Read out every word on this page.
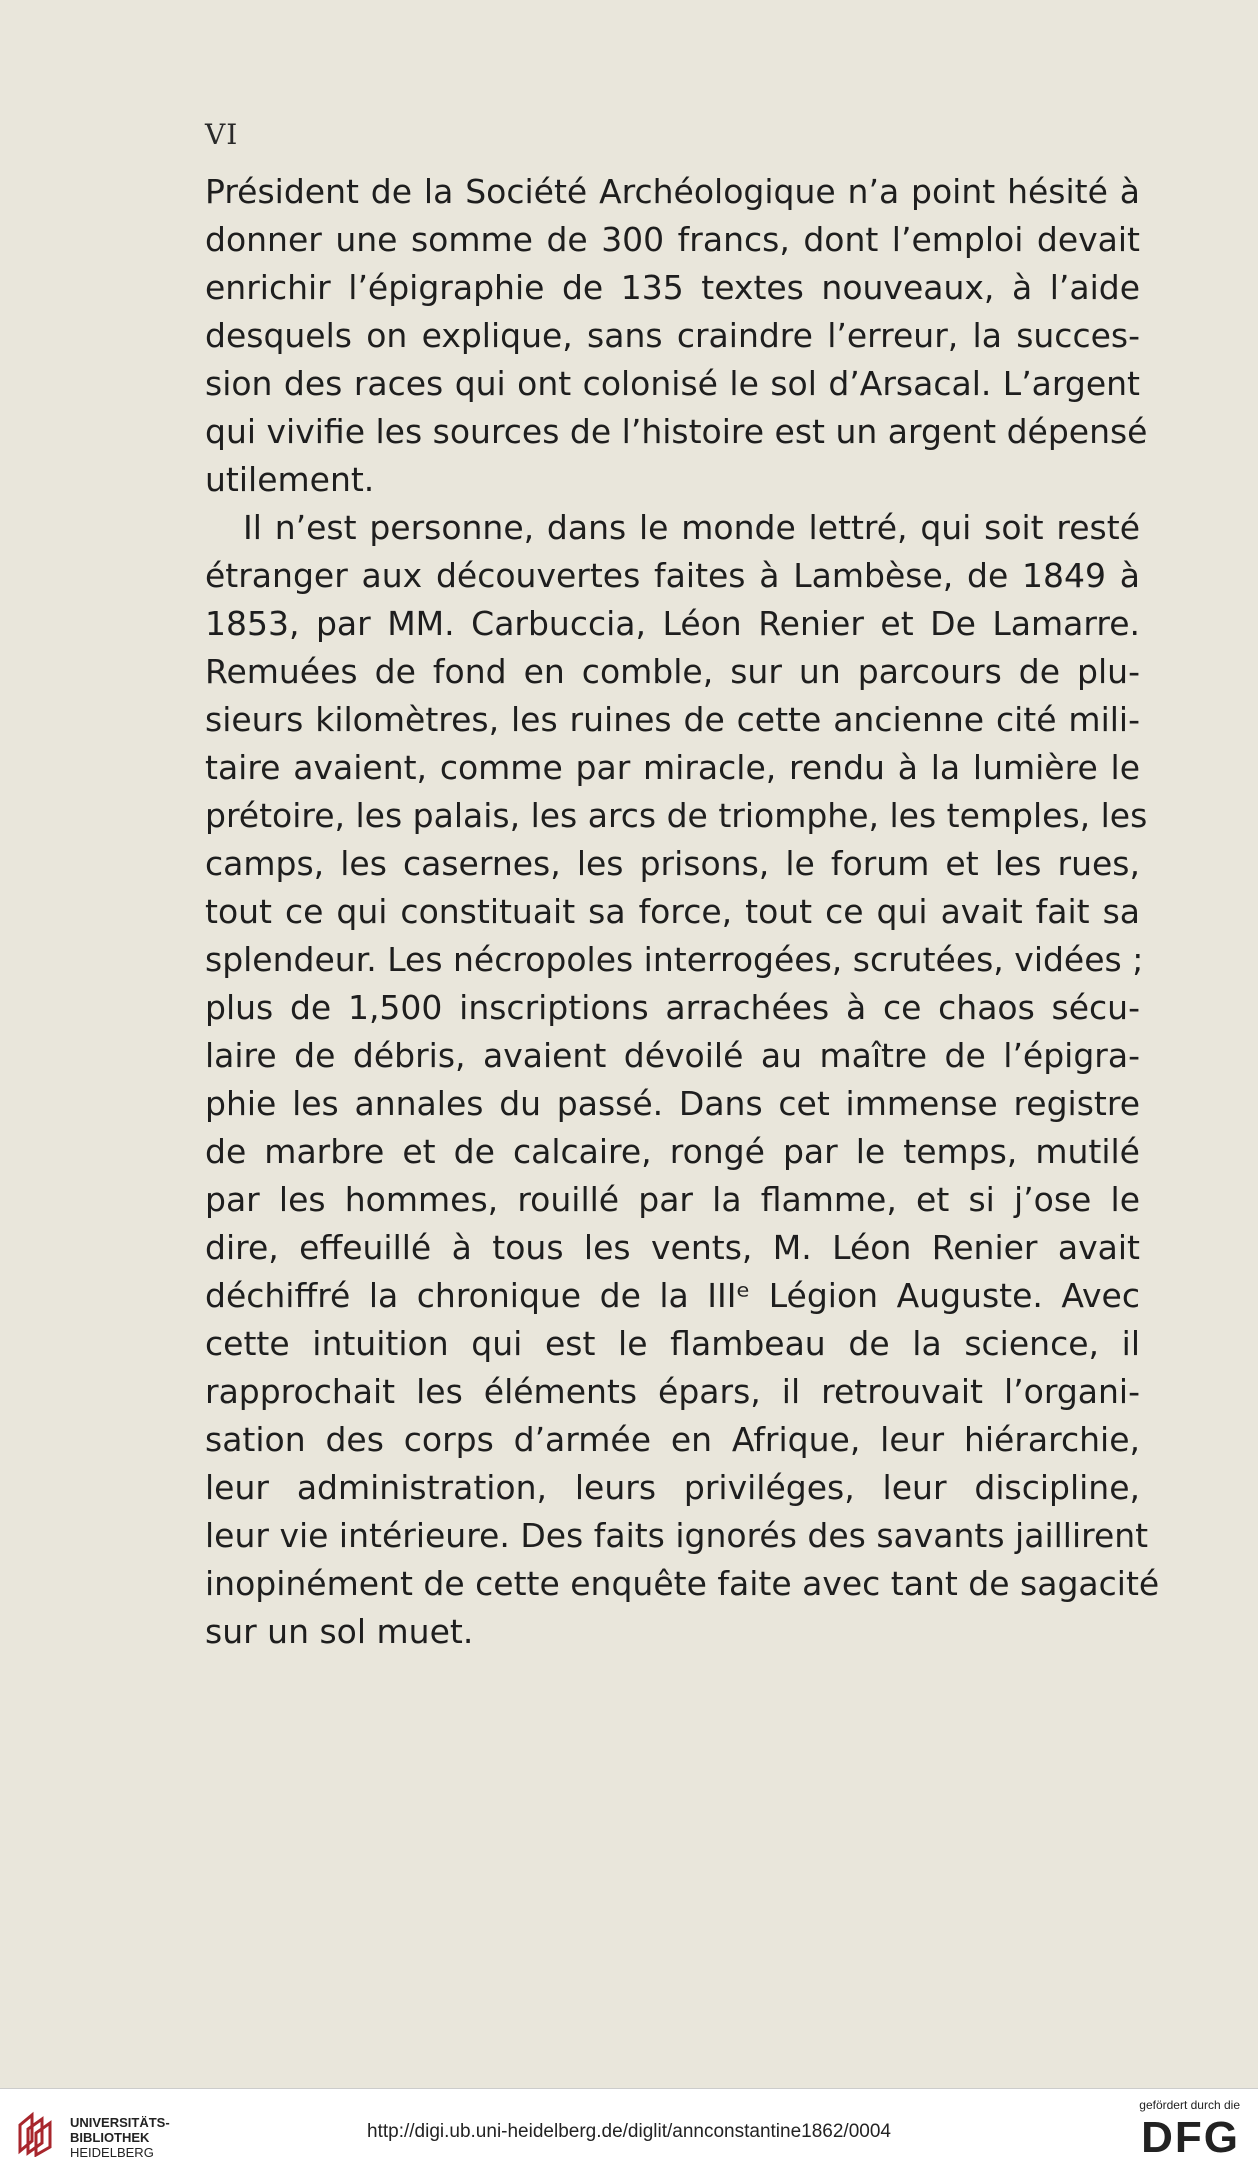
VI
Président de la Société Archéologique n’a point hésité à
donner une somme de 300 francs, dont l’emploi devait
enrichir l’épigraphie de 135 textes nouveaux, à l’aide
desquels on explique, sans craindre l’erreur, la succes-
sion des races qui ont colonisé le sol d’Arsacal. L’argent
qui vivifie les sources de l’histoire est un argent dépensé
utilement.
Il n’est personne, dans le monde lettré, qui soit resté
étranger aux découvertes faites à Lambèse, de 1849 à
1853, par MM. Carbuccia, Léon Renier et De Lamarre.
Remuées de fond en comble, sur un parcours de plu-
sieurs kilomètres, les ruines de cette ancienne cité mili-
taire avaient, comme par miracle, rendu à la lumière le
prétoire, les palais, les arcs de triomphe, les temples, les
camps, les casernes, les prisons, le forum et les rues,
tout ce qui constituait sa force, tout ce qui avait fait sa
splendeur. Les nécropoles interrogées, scrutées, vidées ;
plus de 1,500 inscriptions arrachées à ce chaos sécu-
laire de débris, avaient dévoilé au maître de l’épigra-
phie les annales du passé. Dans cet immense registre
de marbre et de calcaire, rongé par le temps, mutilé
par les hommes, rouillé par la flamme, et si j’ose le
dire, effeuillé à tous les vents, M. Léon Renier avait
déchiffré la chronique de la IIIᵉ Légion Auguste. Avec
cette intuition qui est le flambeau de la science, il
rapprochait les éléments épars, il retrouvait l’organi-
sation des corps d’armée en Afrique, leur hiérarchie,
leur administration, leurs priviléges, leur discipline,
leur vie intérieure. Des faits ignorés des savants jaillirent
inopinément de cette enquête faite avec tant de sagacité
sur un sol muet.
UNIVERSITÄTS-
BIBLIOTHEK
HEIDELBERG
http://digi.ub.uni-heidelberg.de/diglit/annconstantine1862/0004
gefördert durch die
DFG
